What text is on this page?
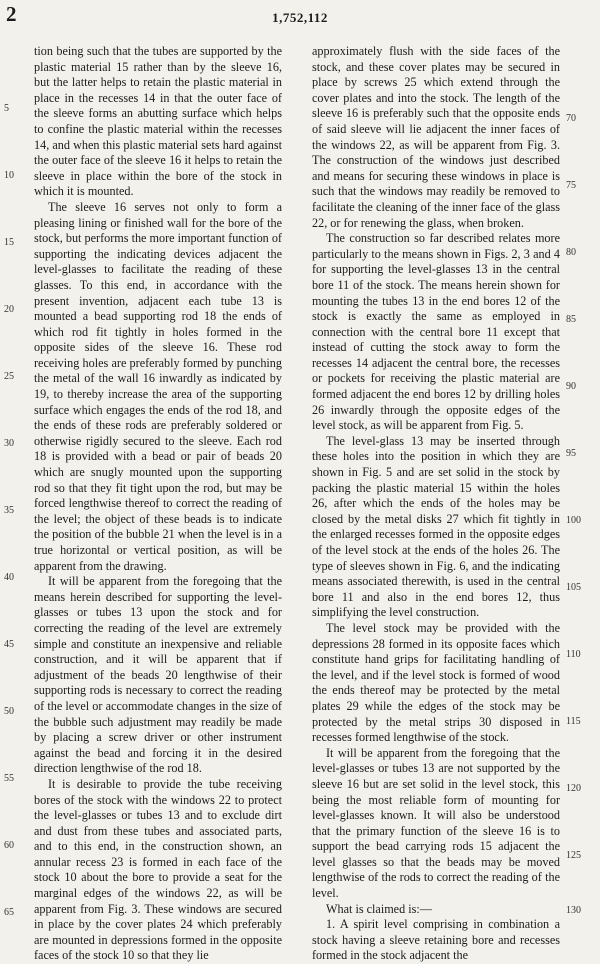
2	1,752,112

tion being such that the tubes are supported by the plastic material 15 rather than by the sleeve 16, but the latter helps to retain the plastic material in place in the recesses 14 in that the outer face of the sleeve forms an abutting surface which helps to confine the plastic material within the recesses 14, and when this plastic material sets hard against the outer face of the sleeve 16 it helps to retain the sleeve in place within the bore of the stock in which it is mounted.

The sleeve 16 serves not only to form a pleasing lining or finished wall for the bore of the stock, but performs the more important function of supporting the indicating devices adjacent the level-glasses to facilitate the reading of these glasses. To this end, in accordance with the present invention, adjacent each tube 13 is mounted a bead supporting rod 18 the ends of which rod fit tightly in holes formed in the opposite sides of the sleeve 16. These rod receiving holes are preferably formed by punching the metal of the wall 16 inwardly as indicated by 19, to thereby increase the area of the supporting surface which engages the ends of the rod 18, and the ends of these rods are preferably soldered or otherwise rigidly secured to the sleeve. Each rod 18 is provided with a bead or pair of beads 20 which are snugly mounted upon the supporting rod so that they fit tight upon the rod, but may be forced lengthwise thereof to correct the reading of the level; the object of these beads is to indicate the position of the bubble 21 when the level is in a true horizontal or vertical position, as will be apparent from the drawing.

It will be apparent from the foregoing that the means herein described for supporting the level-glasses or tubes 13 upon the stock and for correcting the reading of the level are extremely simple and constitute an inexpensive and reliable construction, and it will be apparent that if adjustment of the beads 20 lengthwise of their supporting rods is necessary to correct the reading of the level or accommodate changes in the size of the bubble such adjustment may readily be made by placing a screw driver or other instrument against the bead and forcing it in the desired direction lengthwise of the rod 18.

It is desirable to provide the tube receiving bores of the stock with the windows 22 to protect the level-glasses or tubes 13 and to exclude dirt and dust from these tubes and associated parts, and to this end, in the construction shown, an annular recess 23 is formed in each face of the stock 10 about the bore to provide a seat for the marginal edges of the windows 22, as will be apparent from Fig. 3. These windows are secured in place by the cover plates 24 which preferably are mounted in depressions formed in the opposite faces of the stock 10 so that they lie

approximately flush with the side faces of the stock, and these cover plates may be secured in place by screws 25 which extend through the cover plates and into the stock. The length of the sleeve 16 is preferably such that the opposite ends of said sleeve will lie adjacent the inner faces of the windows 22, as will be apparent from Fig. 3. The construction of the windows just described and means for securing these windows in place is such that the windows may readily be removed to facilitate the cleaning of the inner face of the glass 22, or for renewing the glass, when broken.

The construction so far described relates more particularly to the means shown in Figs. 2, 3 and 4 for supporting the level-glasses 13 in the central bore 11 of the stock. The means herein shown for mounting the tubes 13 in the end bores 12 of the stock is exactly the same as employed in connection with the central bore 11 except that instead of cutting the stock away to form the recesses 14 adjacent the central bore, the recesses or pockets for receiving the plastic material are formed adjacent the end bores 12 by drilling holes 26 inwardly through the opposite edges of the level stock, as will be apparent from Fig. 5.

The level-glass 13 may be inserted through these holes into the position in which they are shown in Fig. 5 and are set solid in the stock by packing the plastic material 15 within the holes 26, after which the ends of the holes may be closed by the metal disks 27 which fit tightly in the enlarged recesses formed in the opposite edges of the level stock at the ends of the holes 26. The type of sleeves shown in Fig. 6, and the indicating means associated therewith, is used in the central bore 11 and also in the end bores 12, thus simplifying the level construction.

The level stock may be provided with the depressions 28 formed in its opposite faces which constitute hand grips for facilitating handling of the level, and if the level stock is formed of wood the ends thereof may be protected by the metal plates 29 while the edges of the stock may be protected by the metal strips 30 disposed in recesses formed lengthwise of the stock.

It will be apparent from the foregoing that the level-glasses or tubes 13 are not supported by the sleeve 16 but are set solid in the level stock, this being the most reliable form of mounting for level-glasses known. It will also be understood that the primary function of the sleeve 16 is to support the bead carrying rods 15 adjacent the level glasses so that the beads may be moved lengthwise of the rods to correct the reading of the level.

What is claimed is:—

1. A spirit level comprising in combination a stock having a sleeve retaining bore and recesses formed in the stock adjacent the

5
10
15
20
25
30
35
40
45
50
55
60
65
70
75
80
85
90
95
100
105
110
115
120
125
130
